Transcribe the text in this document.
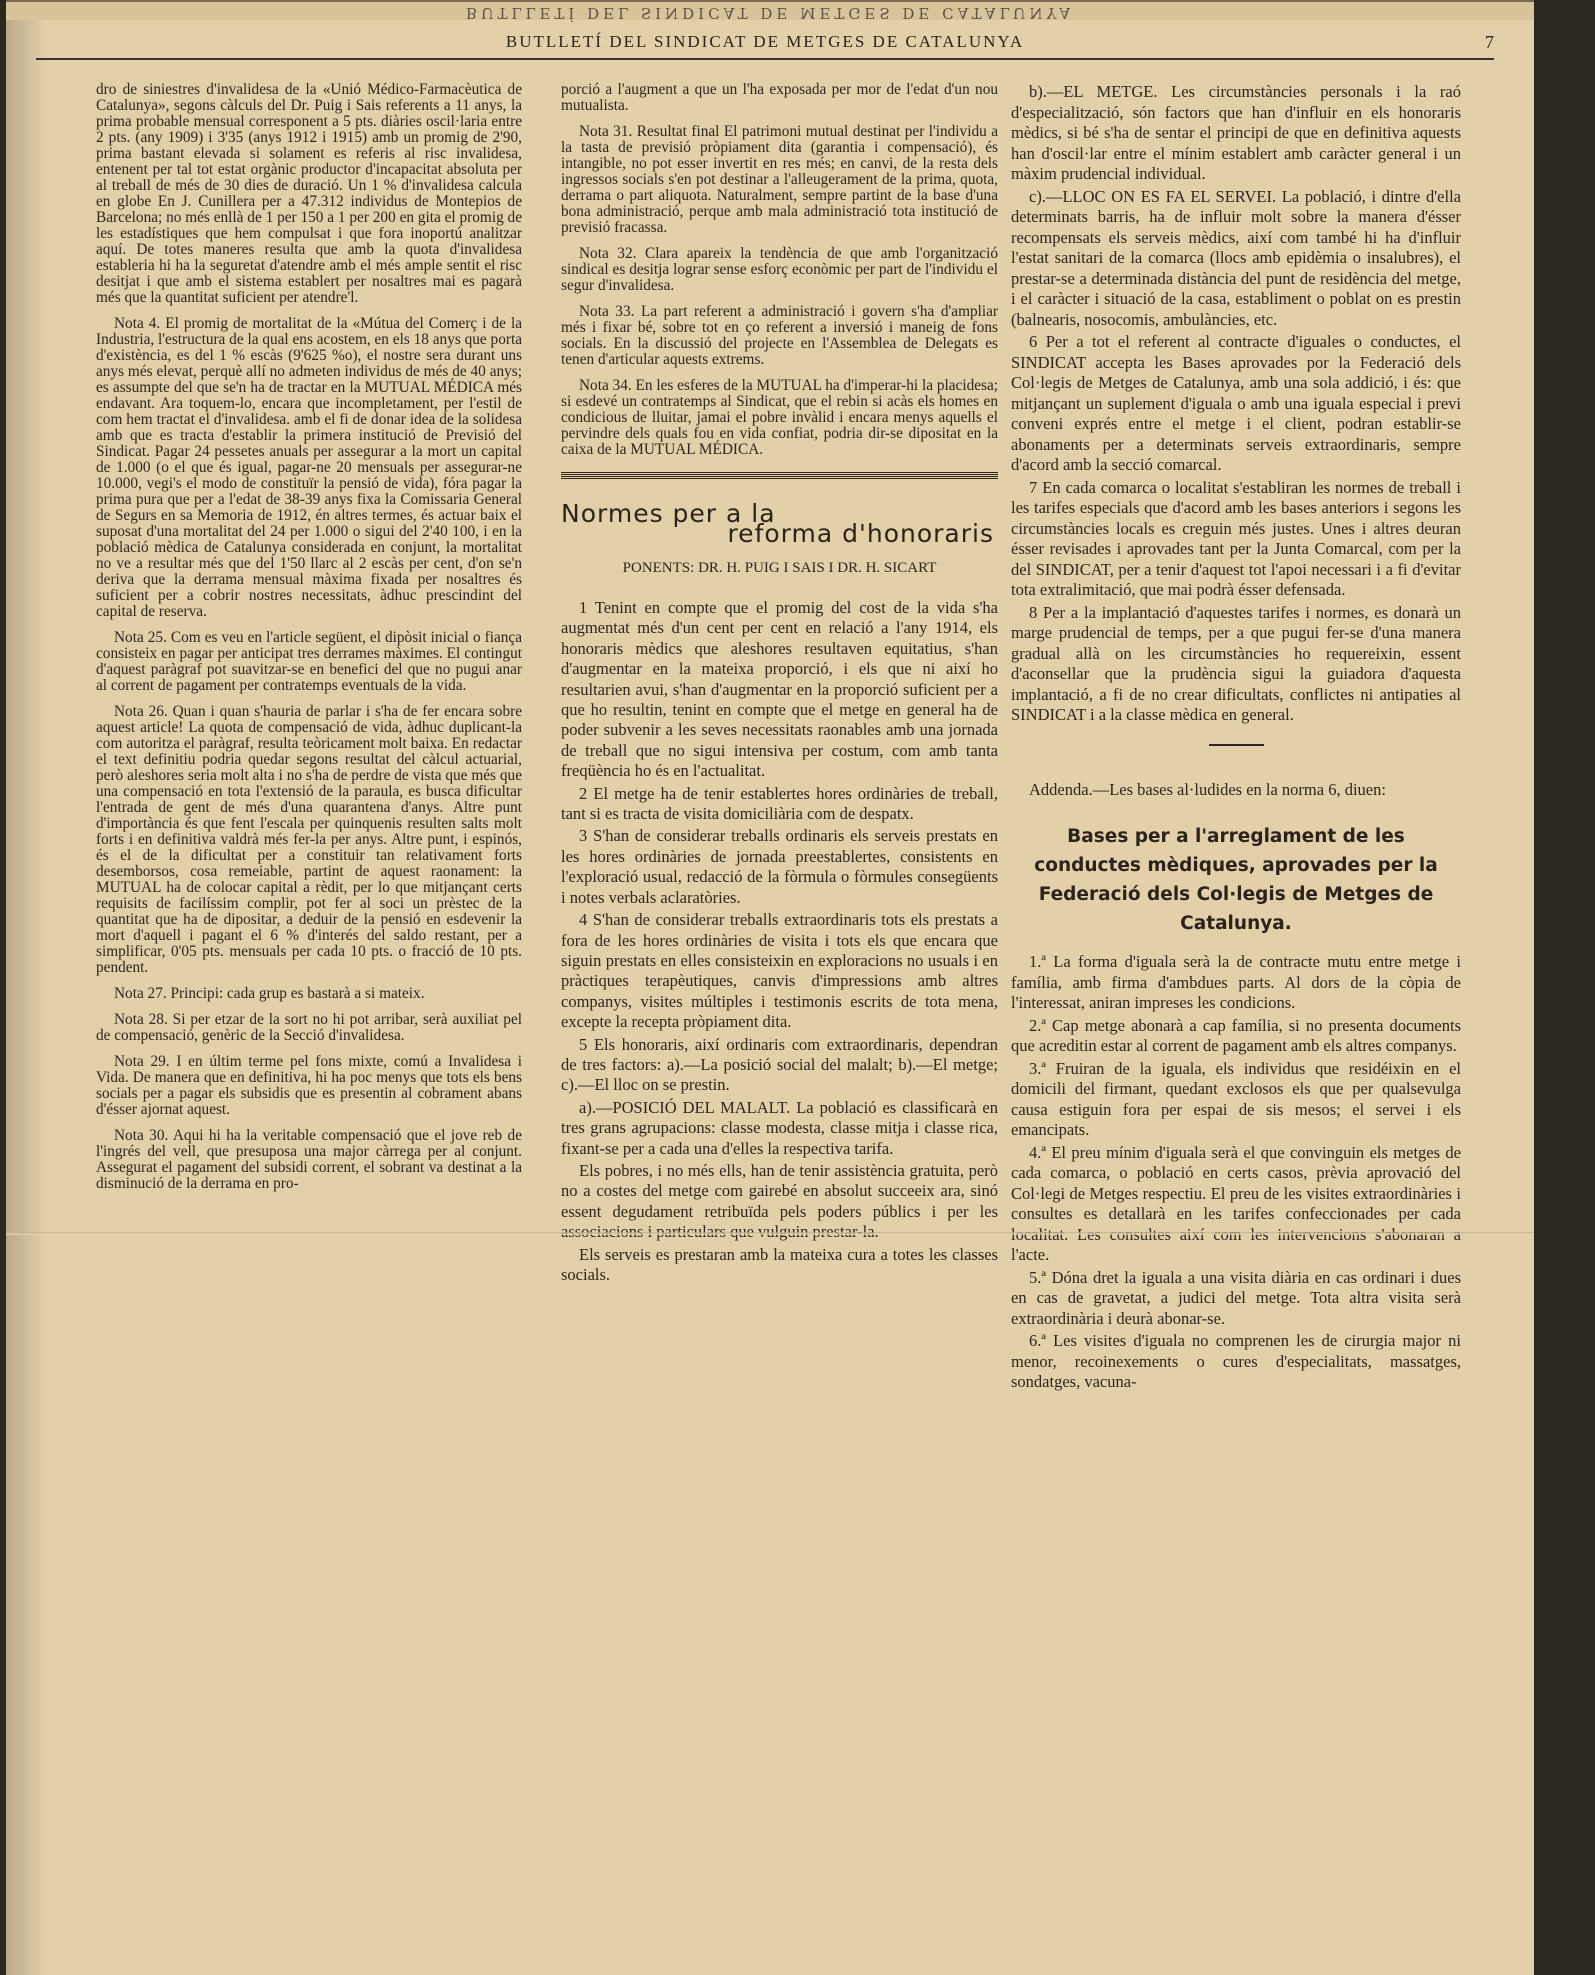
BUTLLETÍ DEL SINDICAT DE METGES DE CATALUNYA
BUTLLETÍ DEL SINDICAT DE METGES DE CATALUNYA	7

dro de siniestres d'invalidesa de la «Unió Médico-Farmacèutica de Catalunya», segons càlculs del Dr. Puig i Sais referents a 11 anys, la prima probable mensual corresponent a 5 pts. diàries oscil·laria entre 2 pts. (any 1909) i 3'35 (anys 1912 i 1915) amb un promig de 2'90, prima bastant elevada si solament es referis al risc invalidesa, entenent per tal tot estat orgànic productor d'incapacitat absoluta per al treball de més de 30 dies de duració. Un 1 % d'invalidesa calcula en globe En J. Cunillera per a 47.312 individus de Montepios de Barcelona; no més enllà de 1 per 150 a 1 per 200 en gita el promig de les estadístiques que hem compulsat i que fora inoportú analitzar aquí. De totes maneres resulta que amb la quota d'invalidesa estableria hi ha la seguretat d'atendre amb el més ample sentit el risc desitjat i que amb el sistema establert per nosaltres mai es pagarà més que la quantitat suficient per atendre'l.

Nota 4. El promig de mortalitat de la «Mútua del Comerç i de la Industria, l'estructura de la qual ens acostem, en els 18 anys que porta d'existència, es del 1 % escàs (9'625 %o), el nostre sera durant uns anys més elevat, perquè allí no admeten individus de més de 40 anys; es assumpte del que se'n ha de tractar en la MUTUAL MÉDICA més endavant. Ara toquem-lo, encara que incompletament, per l'estil de com hem tractat el d'invalidesa. amb el fi de donar idea de la solidesa amb que es tracta d'establir la primera institució de Previsió del Sindicat. Pagar 24 pessetes anuals per assegurar a la mort un capital de 1.000 (o el que és igual, pagar-ne 20 mensuals per assegurar-ne 10.000, vegi's el modo de constituïr la pensió de vida), fóra pagar la prima pura que per a l'edat de 38-39 anys fixa la Comissaria General de Segurs en sa Memoria de 1912, én altres termes, és actuar baix el suposat d'una mortalitat del 24 per 1.000 o sigui del 2'40 100, i en la població mèdica de Catalunya considerada en conjunt, la mortalitat no ve a resultar més que del 1'50 llarc al 2 escàs per cent, d'on se'n deriva que la derrama mensual màxima fixada per nosaltres és suficient per a cobrir nostres necessitats, àdhuc prescindint del capital de reserva.

Nota 25. Com es veu en l'article següent, el dipòsit inicial o fiança consisteix en pagar per anticipat tres derrames màximes. El contingut d'aquest paràgraf pot suavitzar-se en benefici del que no pugui anar al corrent de pagament per contratemps eventuals de la vida.

Nota 26. Quan i quan s'hauria de parlar i s'ha de fer encara sobre aquest article! La quota de compensació de vida, àdhuc duplicant-la com autoritza el paràgraf, resulta teòricament molt baixa. En redactar el text definitiu podria quedar segons resultat del càlcul actuarial, però aleshores seria molt alta i no s'ha de perdre de vista que més que una compensació en tota l'extensió de la paraula, es busca dificultar l'entrada de gent de més d'una quarantena d'anys. Altre punt d'importància és que fent l'escala per quinquenis resulten salts molt forts i en definitiva valdrà més fer-la per anys. Altre punt, i espinós, és el de la dificultat per a constituir tan relativament forts desemborsos, cosa remeiable, partint de aquest raonament: la MUTUAL ha de colocar capital a rèdit, per lo que mitjançant certs requisits de facilíssim complir, pot fer al soci un prèstec de la quantitat que ha de dipositar, a deduir de la pensió en esdevenir la mort d'aquell i pagant el 6 % d'interés del saldo restant, per a simplificar, 0'05 pts. mensuals per cada 10 pts. o fracció de 10 pts. pendent.

Nota 27. Principi: cada grup es bastarà a si mateix.

Nota 28. Si per etzar de la sort no hi pot arribar, serà auxiliat pel de compensació, genèric de la Secció d'invalidesa.

Nota 29. I en últim terme pel fons mixte, comú a Invalidesa i Vida. De manera que en definitiva, hi ha poc menys que tots els bens socials per a pagar els subsidis que es presentin al cobrament abans d'ésser ajornat aquest.

Nota 30. Aqui hi ha la veritable compensació que el jove reb de l'ingrés del vell, que presuposa una major càrrega per al conjunt. Assegurat el pagament del subsidi corrent, el sobrant va destinat a la disminució de la derrama en pro-

porció a l'augment a que un l'ha exposada per mor de l'edat d'un nou mutualista.

Nota 31. Resultat final El patrimoni mutual destinat per l'individu a la tasta de previsió pròpiament dita (garantia i compensació), és intangible, no pot esser invertit en res més; en canvi, de la resta dels ingressos socials s'en pot destinar a l'alleugerament de la prima, quota, derrama o part aliquota. Naturalment, sempre partint de la base d'una bona administració, perque amb mala administració tota institució de previsió fracassa.

Nota 32. Clara apareix la tendència de que amb l'organització sindical es desitja lograr sense esforç econòmic per part de l'individu el segur d'invalidesa.

Nota 33. La part referent a administració i govern s'ha d'ampliar més i fixar bé, sobre tot en ço referent a inversió i maneig de fons socials. En la discussió del projecte en l'Assemblea de Delegats es tenen d'articular aquests extrems.

Nota 34. En les esferes de la MUTUAL ha d'imperar-hi la placidesa; si esdevé un contratemps al Sindicat, que el rebin si acàs els homes en condicious de lluitar, jamai el pobre invàlid i encara menys aquells el pervindre dels quals fou en vida confiat, podria dir-se dipositat en la caixa de la MUTUAL MÉDICA.

Normes per a la
reforma d'honoraris
PONENTS: DR. H. PUIG I SAIS I DR. H. SICART

1 Tenint en compte que el promig del cost de la vida s'ha augmentat més d'un cent per cent en relació a l'any 1914, els honoraris mèdics que aleshores resultaven equitatius, s'han d'augmentar en la mateixa proporció, i els que ni així ho resultarien avui, s'han d'augmentar en la proporció suficient per a que ho resultin, tenint en compte que el metge en general ha de poder subvenir a les seves necessitats raonables amb una jornada de treball que no sigui intensiva per costum, com amb tanta freqüència ho és en l'actualitat.

2 El metge ha de tenir establertes hores ordinàries de treball, tant si es tracta de visita domiciliària com de despatx.

3 S'han de considerar treballs ordinaris els serveis prestats en les hores ordinàries de jornada preestablertes, consistents en l'exploració usual, redacció de la fòrmula o fòrmules consegüents i notes verbals aclaratòries.

4 S'han de considerar treballs extraordinaris tots els prestats a fora de les hores ordinàries de visita i tots els que encara que siguin prestats en elles consisteixin en exploracions no usuals i en pràctiques terapèutiques, canvis d'impressions amb altres companys, visites múltiples i testimonis escrits de tota mena, excepte la recepta pròpiament dita.

5 Els honoraris, així ordinaris com extraordinaris, dependran de tres factors: a).—La posició social del malalt; b).—El metge; c).—El lloc on se prestin.

a).—POSICIÓ DEL MALALT. La població es classificarà en tres grans agrupacions: classe modesta, classe mitja i classe rica, fixant-se per a cada una d'elles la respectiva tarifa.

Els pobres, i no més ells, han de tenir assistència gratuita, però no a costes del metge com gairebé en absolut succeeix ara, sinó essent degudament retribuïda pels poders públics i per les

Els serveis es prestaran amb la mateixa cura a totes les classes socials.

b).—EL METGE. Les circumstàncies personals i la raó d'especialització, són factors que han d'influir en els honoraris mèdics, si bé s'ha de sentar el principi de que en definitiva aquests han d'oscil·lar entre el mínim establert amb caràcter general i un màxim prudencial individual.

c).—LLOC ON ES FA EL SERVEI. La població, i dintre d'ella determinats barris, ha de influir molt sobre la manera d'ésser recompensats els serveis mèdics, així com també hi ha d'influir l'estat sanitari de la comarca (llocs amb epidèmia o insalubres), el prestar-se a determinada distància del punt de residència del metge, i el caràcter i situació de la casa, establiment o poblat on es prestin (balnearis, nosocomis, ambulàncies, etc.

6 Per a tot el referent al contracte d'iguales o conductes, el SINDICAT accepta les Bases aprovades por la Federació dels Col·legis de Metges de Catalunya, amb una sola addició, i és: que mitjançant un suplement d'iguala o amb una iguala especial i previ conveni exprés entre el metge i el client, podran establir-se abonaments per a determinats serveis extraordinaris, sempre d'acord amb la secció comarcal.

7 En cada comarca o localitat s'establiran les normes de treball i les tarifes especials que d'acord amb les bases anteriors i segons les circumstàncies locals es creguin més justes. Unes i altres deuran ésser revisades i aprovades tant per la Junta Comarcal, com per la del SINDICAT, per a tenir d'aquest tot l'apoi necessari i a fi d'evitar tota extralimitació, que mai podrà ésser defensada.

8 Per a la implantació d'aquestes tarifes i normes, es donarà un marge prudencial de temps, per a que pugui fer-se d'una manera gradual allà on les circumstàncies ho requereixin, essent d'aconsellar que la prudència sigui la guiadora d'aquesta implantació, a fi de no crear dificultats, conflictes ni antipaties al SINDICAT i a la classe mèdica en general.

Addenda.—Les bases al·ludides en la norma 6, diuen:

Bases per a l'arreglament de les conductes mèdiques, aprovades per la Federació dels Col·legis de Metges de Catalunya.

1.ª La forma d'iguala serà la de contracte mutu entre metge i família, amb firma d'ambdues parts. Al dors de la còpia de l'interessat, aniran impreses les condicions.

2.ª Cap metge abonarà a cap família, si no presenta documents que acreditin estar al corrent de pagament amb els altres companys.

3.ª Fruiran de la iguala, els individus que residéixin en el domicili del firmant, quedant exclosos els que per qualsevulga causa estiguin fora per espai de sis mesos; el servei i els emancipats.

4.ª El preu mínim d'iguala serà el que convinguin els metges de cada comarca, o població en certs casos, prèvia aprovació del Col·legi de Metges respectiu. El preu de les visites extraordinàries i consultes es detallarà en les tarifes confeccionades per cada l'acte.

5.ª Dóna dret la iguala a una visita diària en cas ordinari i dues en cas de gravetat, a judici del metge. Tota altra visita serà extraordinària i deurà abonar-se.

6.ª Les visites d'iguala no comprenen les de cirurgia major ni menor, recoinexements o cures d'especialitats, massatges, sondatges, vacuna-
